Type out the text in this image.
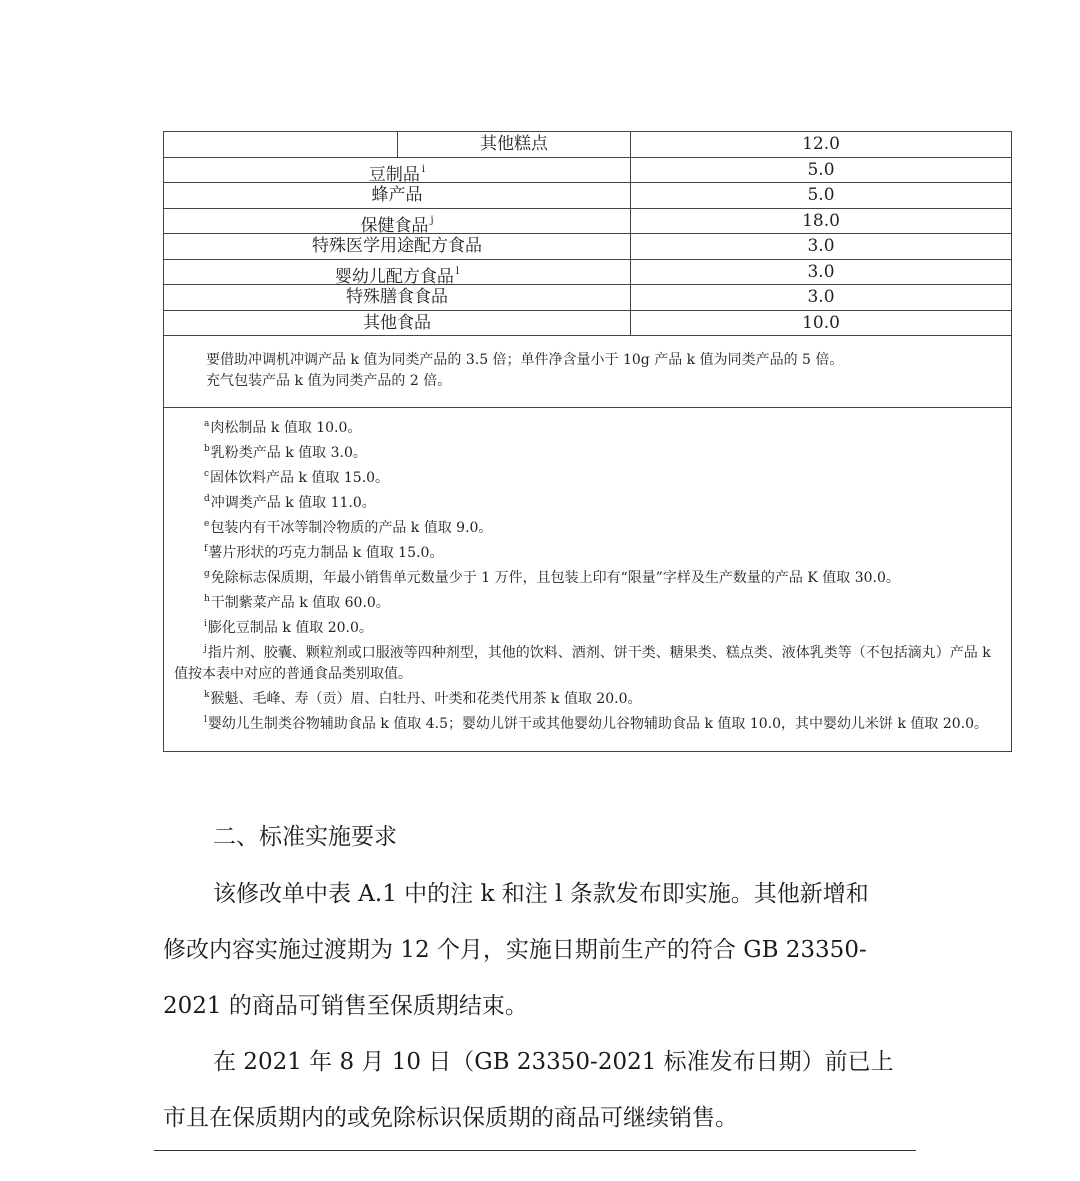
其他糕点	12.0
豆制品 $^i$	5.0
蜂产品	5.0
保健食品 $^j$	18.0
特殊医学用途配方食品	3.0
婴幼儿配方食品 $^l$	3.0
特殊膳食食品	3.0
其他食品	10.0
要借助冲调机冲调产品 k 值为同类产品的 3.5 倍；单件净含量小于 10g 产品 k 值为同类产品的 5 倍。
充气包装产品 k 值为同类产品的 2 倍。

$^a$肉松制品 k 值取 10.0。

$^b$乳粉类产品 k 值取 3.0。

$^c$固体饮料产品 k 值取 15.0。

$^d$冲调类产品 k 值取 11.0。

$^e$包装内有干冰等制冷物质的产品 k 值取 9.0。

$^f$薯片形状的巧克力制品 k 值取 15.0。

$^g$免除标志保质期，年最小销售单元数量少于 1 万件，且包装上印有“限量”字样及生产数量的产品 K 值取 30.0。

$^h$干制紫菜产品 k 值取 60.0。

$^i$膨化豆制品 k 值取 20.0。

$^j$指片剂、胶囊、颗粒剂或口服液等四种剂型，其他的饮料、酒剂、饼干类、糖果类、糕点类、液体乳类等（不包括滴丸）产品 k 值按本表中对应的普通食品类别取值。

$^k$猴魁、毛峰、寿（贡）眉、白牡丹、叶类和花类代用茶 k 值取 20.0。

$^l$婴幼儿生制类谷物辅助食品 k 值取 4.5；婴幼儿饼干或其他婴幼儿谷物辅助食品 k 值取 10.0，其中婴幼儿米饼 k 值取 20.0。

二、标准实施要求
该修改单中表 A.1 中的注 k 和注 l 条款发布即实施。其他新增和
修改内容实施过渡期为 12 个月，实施日期前生产的符合 GB 23350-
2021 的商品可销售至保质期结束。
在 2021 年 8 月 10 日（GB 23350-2021 标准发布日期）前已上
市且在保质期内的或免除标识保质期的商品可继续销售。
